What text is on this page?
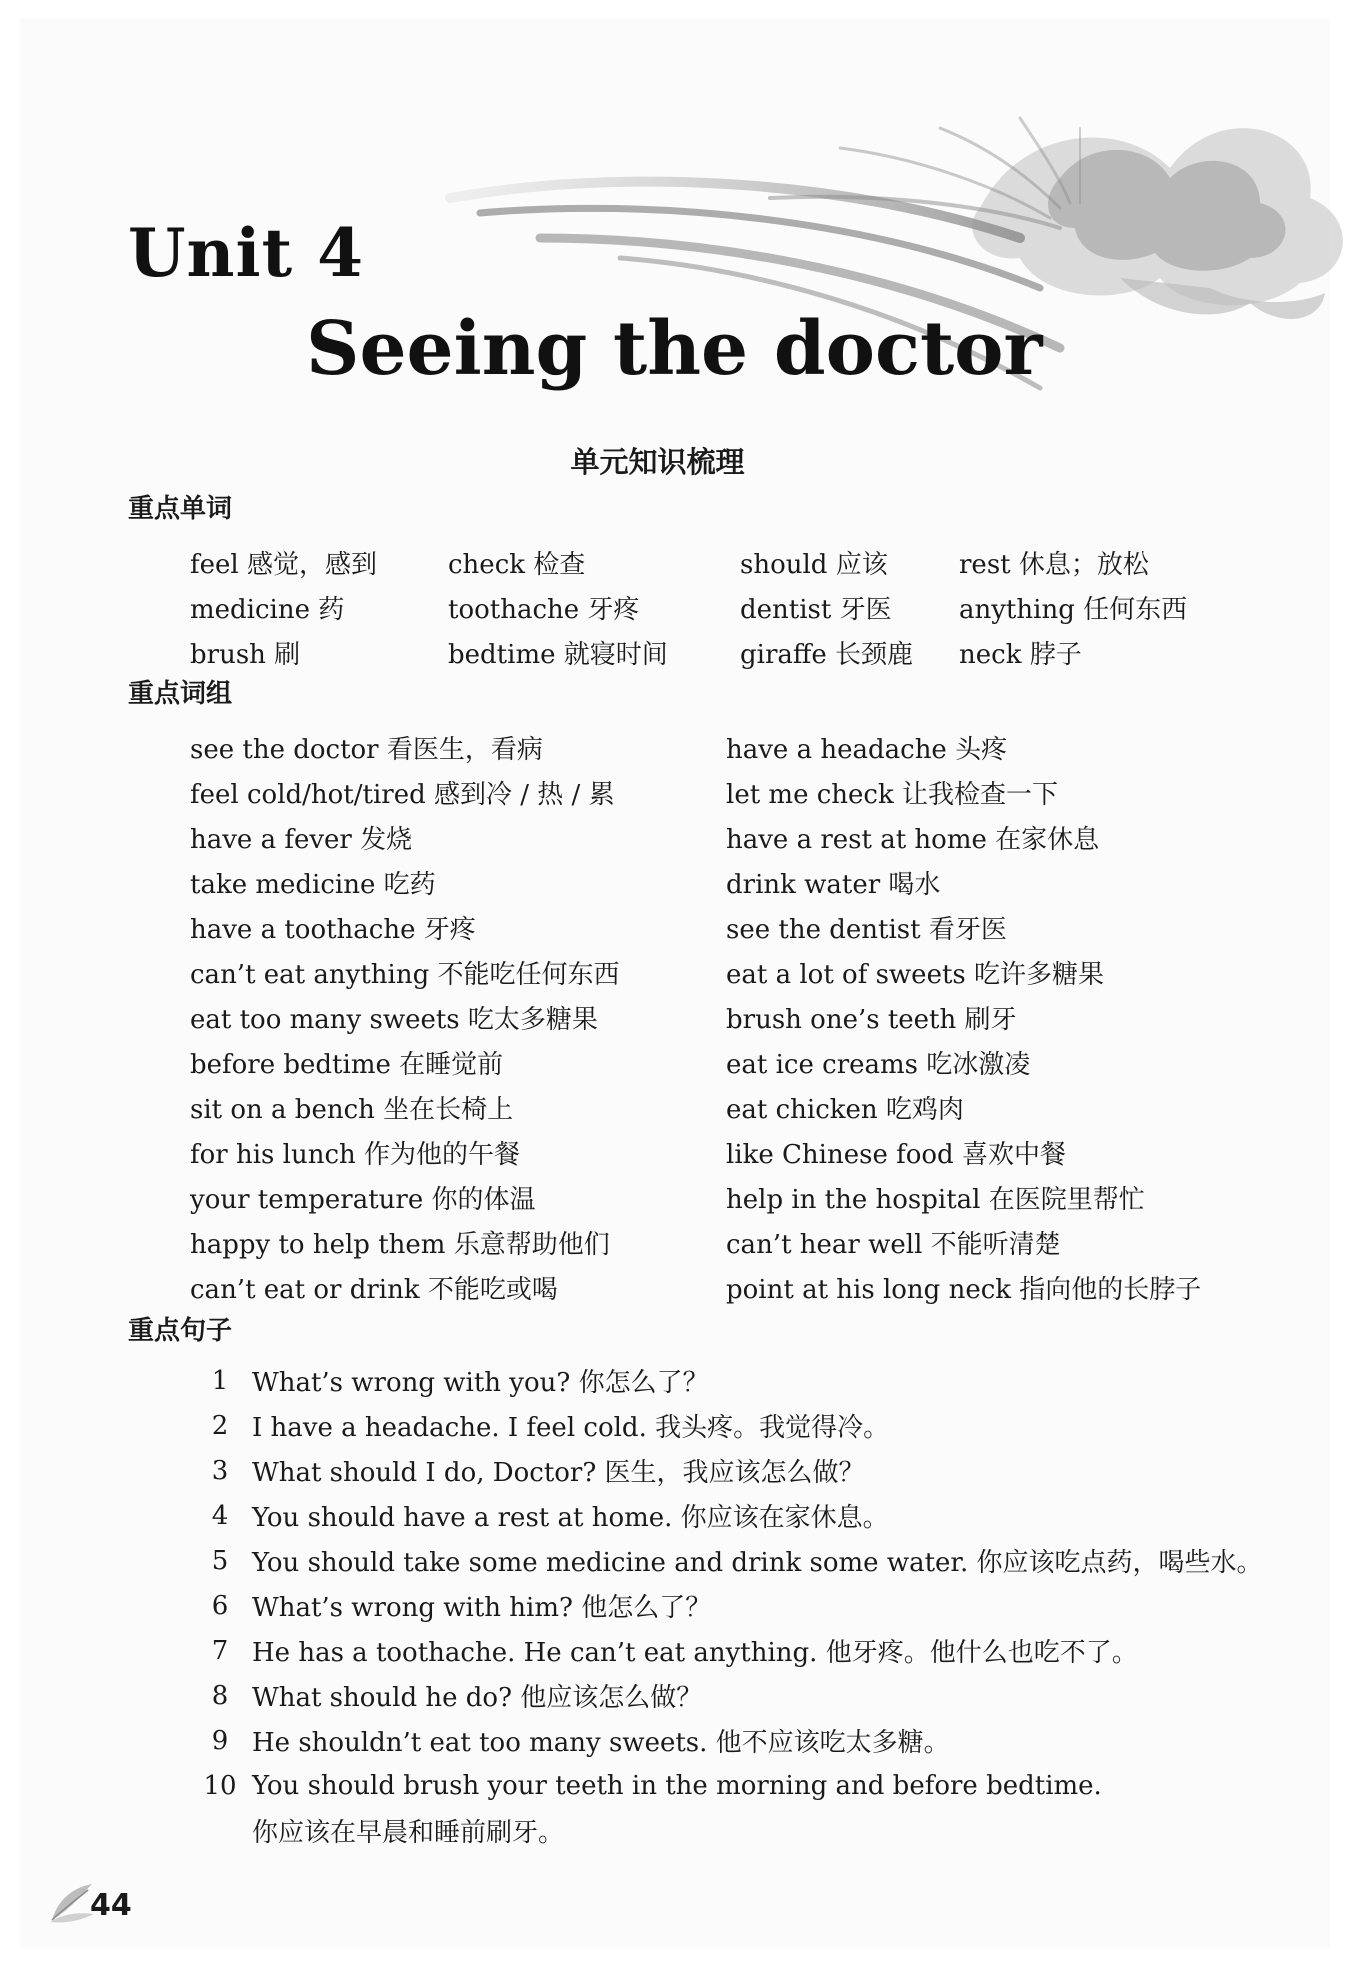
Unit 4
Seeing the doctor
单元知识梳理
重点单词
feel 感觉，感到	check 检查	should 应该	rest 休息；放松
medicine 药	toothache 牙疼	dentist 牙医	anything 任何东西
brush 刷	bedtime 就寝时间	giraffe 长颈鹿	neck 脖子
重点词组
see the doctor 看医生，看病	have a headache 头疼
feel cold/hot/tired 感到冷 / 热 / 累	let me check 让我检查一下
have a fever 发烧	have a rest at home 在家休息
take medicine 吃药	drink water 喝水
have a toothache 牙疼	see the dentist 看牙医
can’t eat anything 不能吃任何东西	eat a lot of sweets 吃许多糖果
eat too many sweets 吃太多糖果	brush one’s teeth 刷牙
before bedtime 在睡觉前	eat ice creams 吃冰激凌
sit on a bench 坐在长椅上	eat chicken 吃鸡肉
for his lunch 作为他的午餐	like Chinese food 喜欢中餐
your temperature 你的体温	help in the hospital 在医院里帮忙
happy to help them 乐意帮助他们	can’t hear well 不能听清楚
can’t eat or drink 不能吃或喝	point at his long neck 指向他的长脖子
重点句子
1 What’s wrong with you? 你怎么了？
2 I have a headache. I feel cold. 我头疼。我觉得冷。
3 What should I do, Doctor? 医生，我应该怎么做？
4 You should have a rest at home. 你应该在家休息。
5 You should take some medicine and drink some water. 你应该吃点药，喝些水。
6 What’s wrong with him? 他怎么了？
7 He has a toothache. He can’t eat anything. 他牙疼。他什么也吃不了。
8 What should he do? 他应该怎么做？
9 He shouldn’t eat too many sweets. 他不应该吃太多糖。
10 You should brush your teeth in the morning and before bedtime.
你应该在早晨和睡前刷牙。
44
